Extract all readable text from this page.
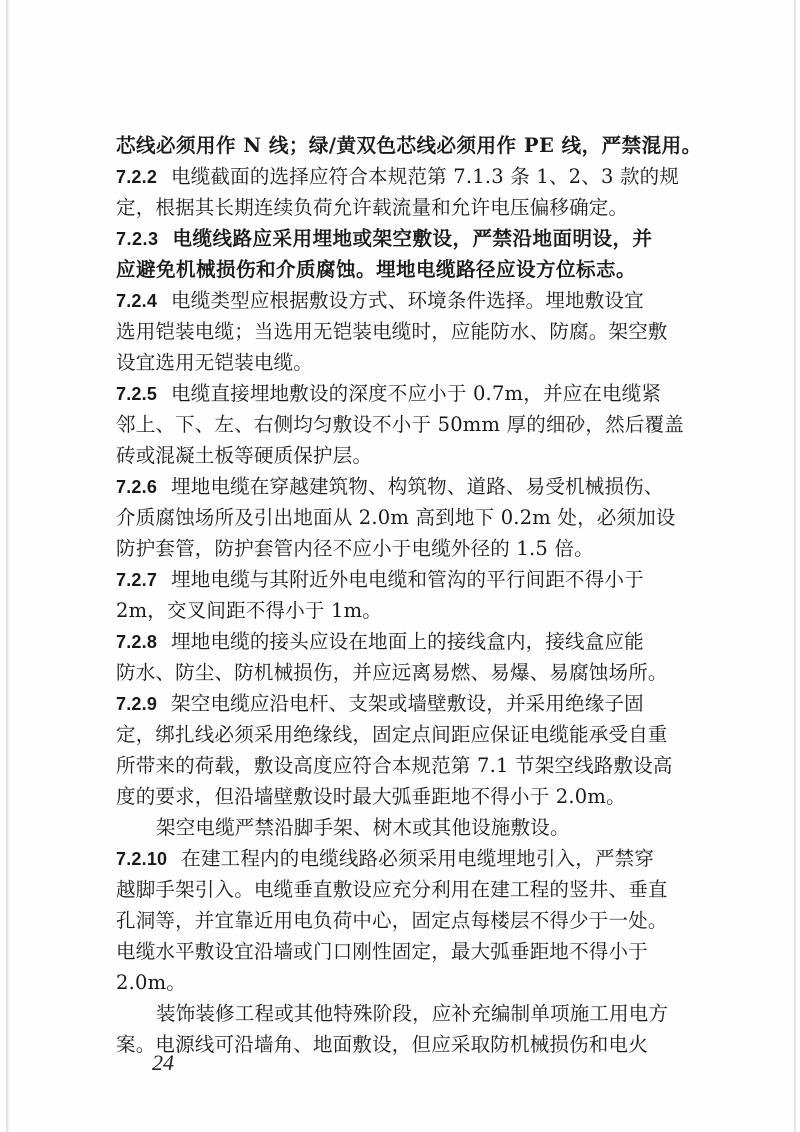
芯线必须用作 N 线；绿/黄双色芯线必须用作 PE 线，严禁混用。
7.2.2 电缆截面的选择应符合本规范第 7.1.3 条 1、2、3 款的规
定，根据其长期连续负荷允许载流量和允许电压偏移确定。
7.2.3 电缆线路应采用埋地或架空敷设，严禁沿地面明设，并
应避免机械损伤和介质腐蚀。埋地电缆路径应设方位标志。
7.2.4 电缆类型应根据敷设方式、环境条件选择。埋地敷设宜
选用铠装电缆；当选用无铠装电缆时，应能防水、防腐。架空敷
设宜选用无铠装电缆。
7.2.5 电缆直接埋地敷设的深度不应小于 0.7m，并应在电缆紧
邻上、下、左、右侧均匀敷设不小于 50mm 厚的细砂，然后覆盖
砖或混凝土板等硬质保护层。
7.2.6 埋地电缆在穿越建筑物、构筑物、道路、易受机械损伤、
介质腐蚀场所及引出地面从 2.0m 高到地下 0.2m 处，必须加设
防护套管，防护套管内径不应小于电缆外径的 1.5 倍。
7.2.7 埋地电缆与其附近外电电缆和管沟的平行间距不得小于
2m，交叉间距不得小于 1m。
7.2.8 埋地电缆的接头应设在地面上的接线盒内，接线盒应能
防水、防尘、防机械损伤，并应远离易燃、易爆、易腐蚀场所。
7.2.9 架空电缆应沿电杆、支架或墙壁敷设，并采用绝缘子固
定，绑扎线必须采用绝缘线，固定点间距应保证电缆能承受自重
所带来的荷载，敷设高度应符合本规范第 7.1 节架空线路敷设高
度的要求，但沿墙壁敷设时最大弧垂距地不得小于 2.0m。
架空电缆严禁沿脚手架、树木或其他设施敷设。
7.2.10 在建工程内的电缆线路必须采用电缆埋地引入，严禁穿
越脚手架引入。电缆垂直敷设应充分利用在建工程的竖井、垂直
孔洞等，并宜靠近用电负荷中心，固定点每楼层不得少于一处。
电缆水平敷设宜沿墙或门口刚性固定，最大弧垂距地不得小于
2.0m。
装饰装修工程或其他特殊阶段，应补充编制单项施工用电方
案。电源线可沿墙角、地面敷设，但应采取防机械损伤和电火
24
